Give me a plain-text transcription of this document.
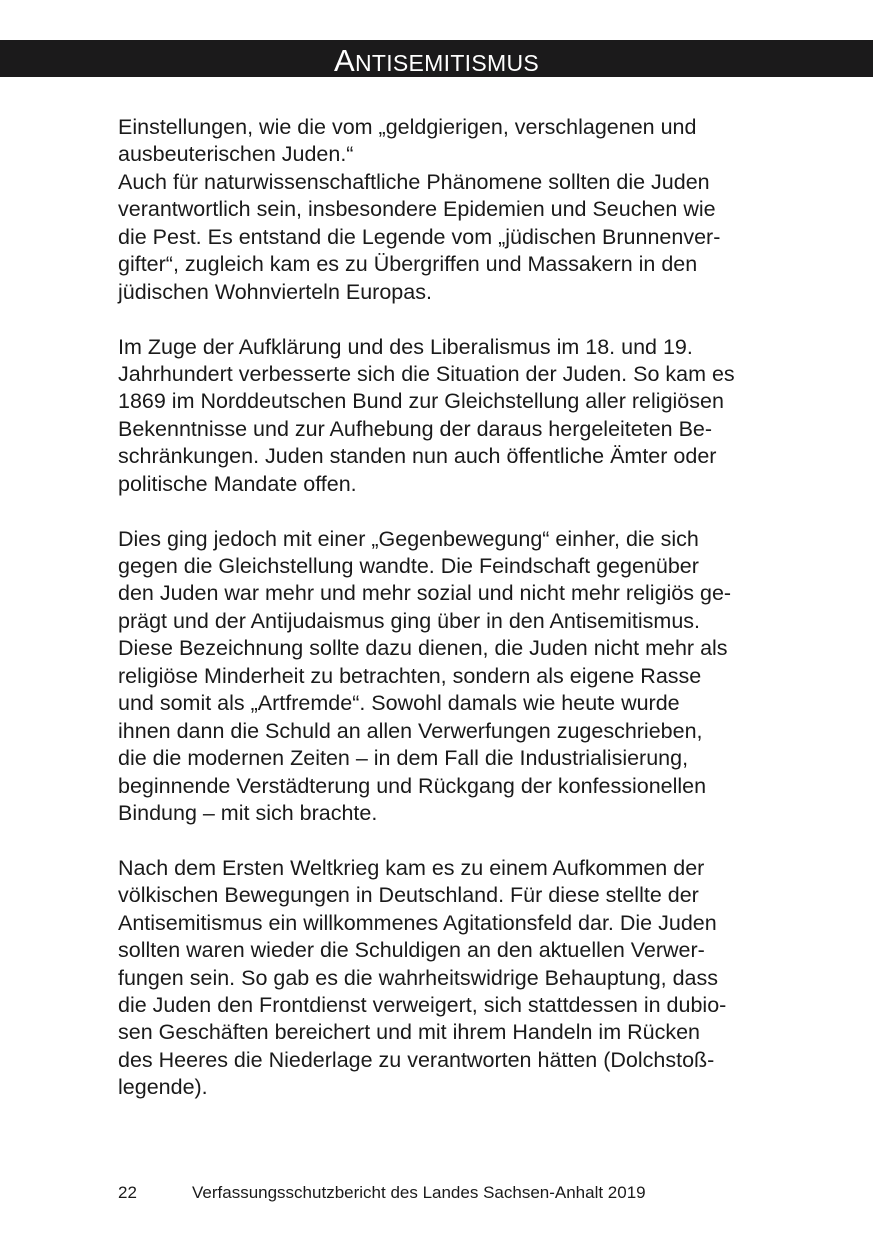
ANTISEMITISMUS
Einstellungen, wie die vom „geldgierigen, verschlagenen und
ausbeuterischen Juden.“
Auch für naturwissenschaftliche Phänomene sollten die Juden
verantwortlich sein, insbesondere Epidemien und Seuchen wie
die Pest. Es entstand die Legende vom „jüdischen Brunnenver-
gifter“, zugleich kam es zu Übergriffen und Massakern in den
jüdischen Wohnvierteln Europas.
Im Zuge der Aufklärung und des Liberalismus im 18. und 19.
Jahrhundert verbesserte sich die Situation der Juden. So kam es
1869 im Norddeutschen Bund zur Gleichstellung aller religiösen
Bekenntnisse und zur Aufhebung der daraus hergeleiteten Be-
schränkungen. Juden standen nun auch öffentliche Ämter oder
politische Mandate offen.
Dies ging jedoch mit einer „Gegenbewegung“ einher, die sich
gegen die Gleichstellung wandte. Die Feindschaft gegenüber
den Juden war mehr und mehr sozial und nicht mehr religiös ge-
prägt und der Antijudaismus ging über in den Antisemitismus.
Diese Bezeichnung sollte dazu dienen, die Juden nicht mehr als
religiöse Minderheit zu betrachten, sondern als eigene Rasse
und somit als „Artfremde“. Sowohl damals wie heute wurde
ihnen dann die Schuld an allen Verwerfungen zugeschrieben,
die die modernen Zeiten – in dem Fall die Industrialisierung,
beginnende Verstädterung und Rückgang der konfessionellen
Bindung – mit sich brachte.
Nach dem Ersten Weltkrieg kam es zu einem Aufkommen der
völkischen Bewegungen in Deutschland. Für diese stellte der
Antisemitismus ein willkommenes Agitationsfeld dar. Die Juden
sollten waren wieder die Schuldigen an den aktuellen Verwer-
fungen sein. So gab es die wahrheitswidrige Behauptung, dass
die Juden den Frontdienst verweigert, sich stattdessen in dubio-
sen Geschäften bereichert und mit ihrem Handeln im Rücken
des Heeres die Niederlage zu verantworten hätten (Dolchstoß-
legende).
22	Verfassungsschutzbericht des Landes Sachsen-Anhalt 2019
